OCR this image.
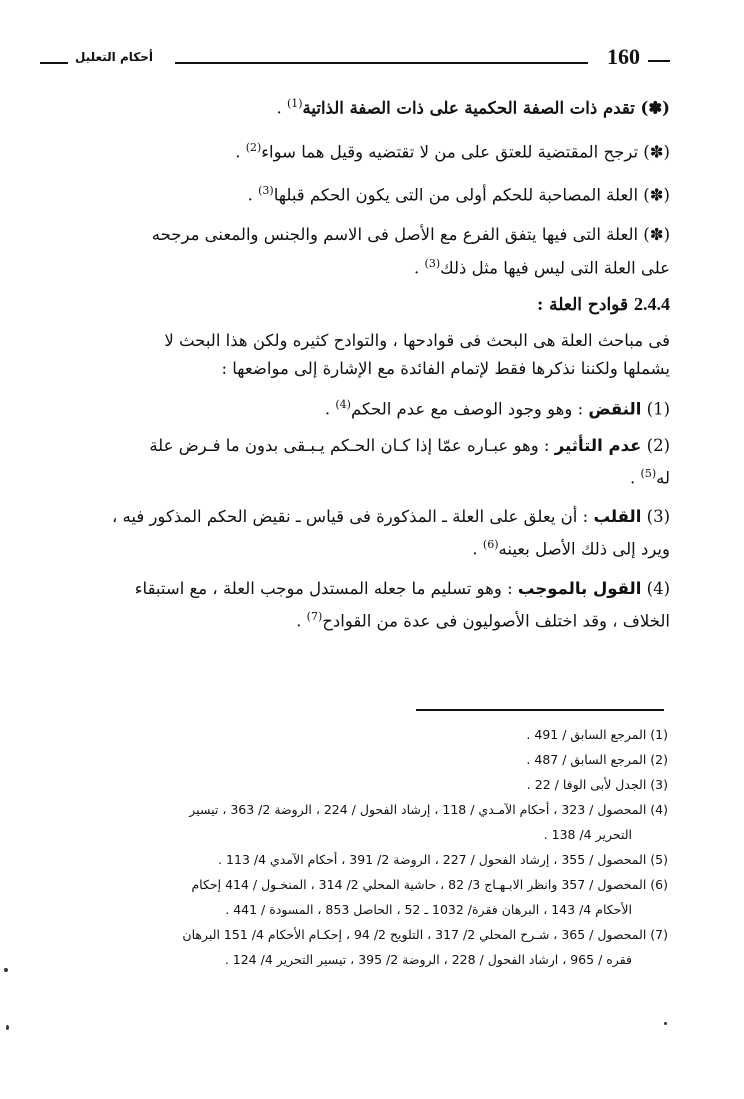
160
أحكام التعليل

(✽) تقدم ذات الصفة الحكمية على ذات الصفة الذاتية$^{(1)}$ .

(✽) ترجح المقتضية للعتق على من لا تقتضيه وقيل هما سواء$^{(2)}$ .

(✽) العلة المصاحبة للحكم أولى من التى يكون الحكم قبلها$^{(3)}$ .

(✽) العلة التى فيها يتفق الفرع مع الأصل فى الاسم والجنس والمعنى مرجحه

على العلة التى ليس فيها مثل ذلك$^{(3)}$ .

2.4.4 قوادح العلة :

فى مباحث العلة هى البحث فى قوادحها ، والتوادح كثيره ولكن هذا البحث لا

يشملها ولكننا نذكرها فقط لإتمام الفائدة مع الإشارة إلى مواضعها :

(1) النقض : وهو وجود الوصف مع عدم الحكم$^{(4)}$ .

(2) عدم التأثير : وهو عبـاره عمّا إذا كـان الحـكم يـبـقى بدون ما فـرض علة

له$^{(5)}$ .

(3) القلب : أن يعلق على العلة ـ المذكورة فى قياس ـ نقيض الحكم المذكور فيه ،

ويرد إلى ذلك الأصل بعينه$^{(6)}$ .

(4) القول بالموجب : وهو تسليم ما جعله المستدل موجب العلة ، مع استبقاء

الخلاف ، وقد اختلف الأصوليون فى عدة من القوادح$^{(7)}$ .

(1) المرجع السابق / 491 .

(2) المرجع السابق / 487 .

(3) الجدل لأبى الوفا / 22 .

(4) المحصول / 323 ، أحكام الآمـدي / 118 ، إرشاد الفحول / 224 ، الروضة 2/ 363 ، تيسير

التحرير 4/ 138 .

(5) المحصول / 355 ، إرشاد الفحول / 227 ، الروضة 2/ 391 ، أحكام الآمدي 4/ 113 .

(6) المحصول / 357 وانظر الابـهـاج 3/ 82 ، حاشية المحلي 2/ 314 ، المنخـول / 414 إحكام

الأحكام 4/ 143 ، البرهان فقرة/ 1032 ـ 52 ، الحاصل 853 ، المسودة / 441 .

(7) المحصول / 365 ، شـرح المحلي 2/ 317 ، التلويح 2/ 94 ، إحكـام الأحكام 4/ 151 البرهان

فقره / 965 ، ارشاد الفحول / 228 ، الروضة 2/ 395 ، تيسير التحرير 4/ 124 .
